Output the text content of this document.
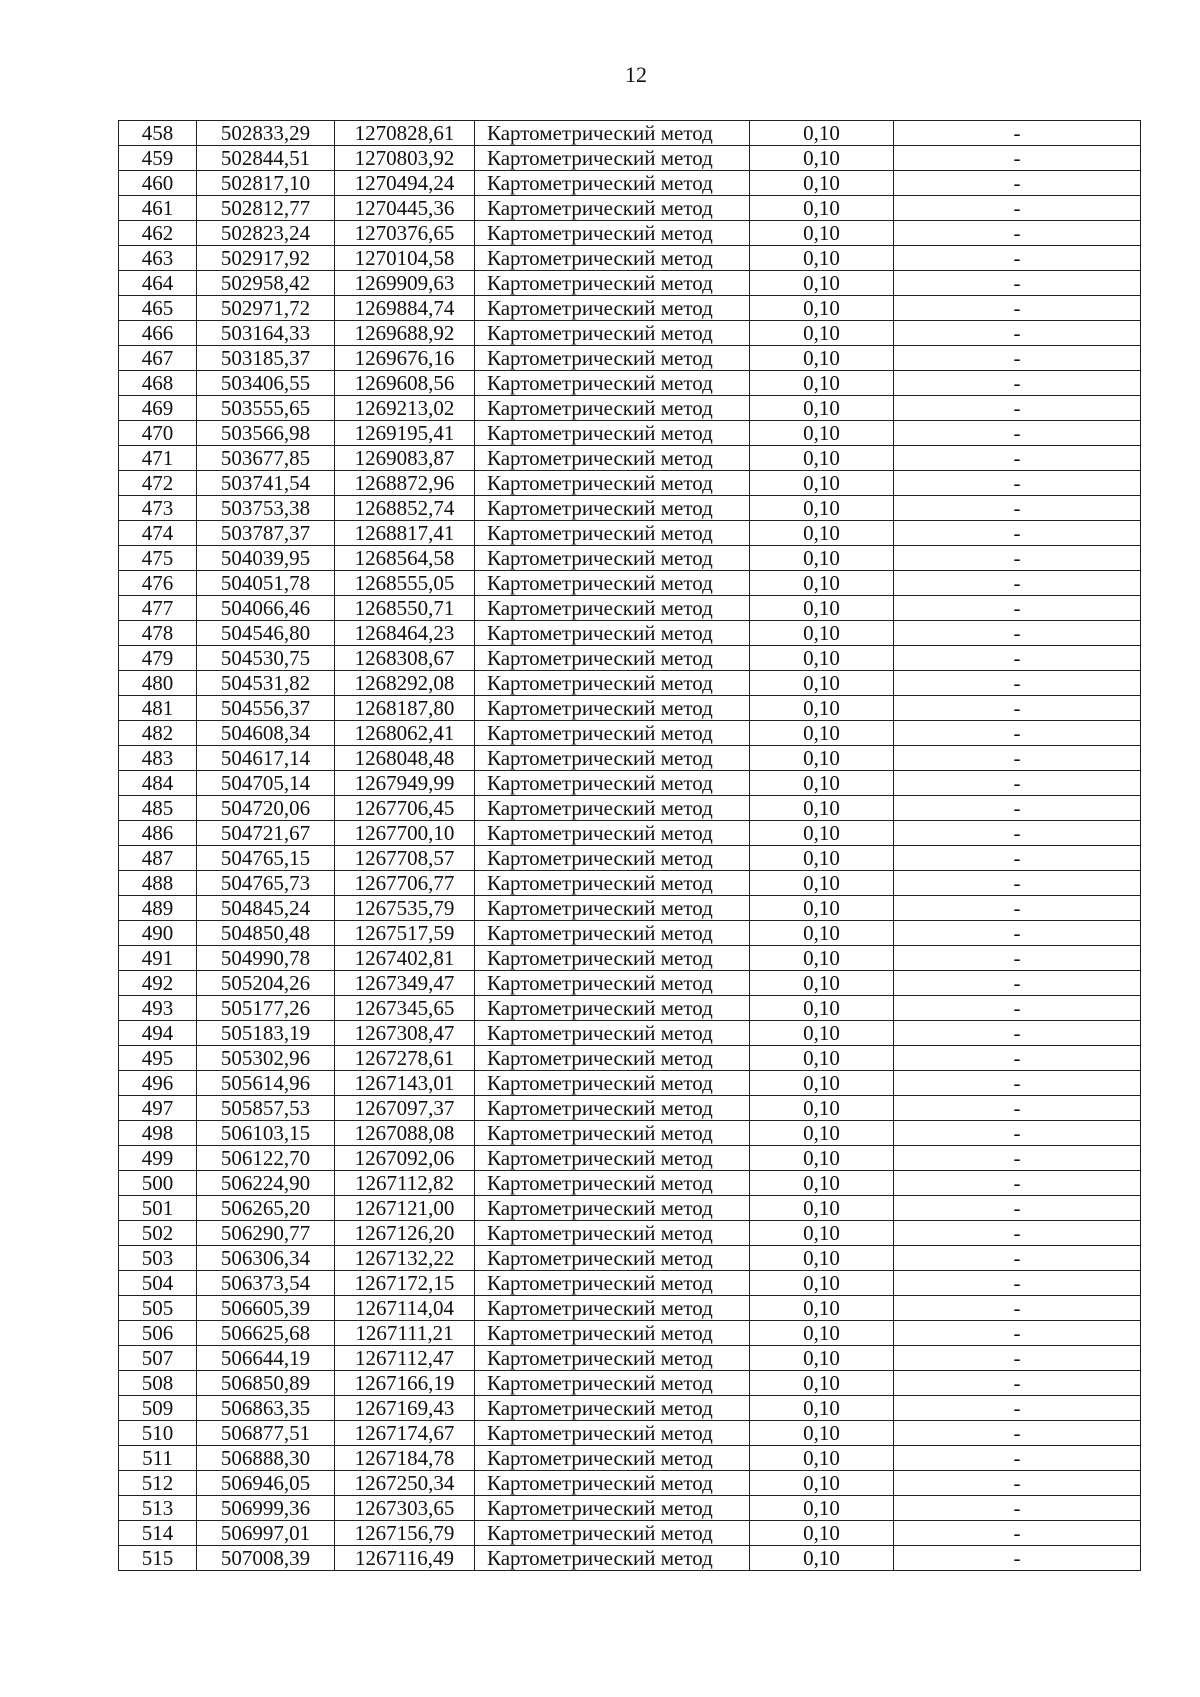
12
458	502833,29	1270828,61	Картометрический метод	0,10	-
459	502844,51	1270803,92	Картометрический метод	0,10	-
460	502817,10	1270494,24	Картометрический метод	0,10	-
461	502812,77	1270445,36	Картометрический метод	0,10	-
462	502823,24	1270376,65	Картометрический метод	0,10	-
463	502917,92	1270104,58	Картометрический метод	0,10	-
464	502958,42	1269909,63	Картометрический метод	0,10	-
465	502971,72	1269884,74	Картометрический метод	0,10	-
466	503164,33	1269688,92	Картометрический метод	0,10	-
467	503185,37	1269676,16	Картометрический метод	0,10	-
468	503406,55	1269608,56	Картометрический метод	0,10	-
469	503555,65	1269213,02	Картометрический метод	0,10	-
470	503566,98	1269195,41	Картометрический метод	0,10	-
471	503677,85	1269083,87	Картометрический метод	0,10	-
472	503741,54	1268872,96	Картометрический метод	0,10	-
473	503753,38	1268852,74	Картометрический метод	0,10	-
474	503787,37	1268817,41	Картометрический метод	0,10	-
475	504039,95	1268564,58	Картометрический метод	0,10	-
476	504051,78	1268555,05	Картометрический метод	0,10	-
477	504066,46	1268550,71	Картометрический метод	0,10	-
478	504546,80	1268464,23	Картометрический метод	0,10	-
479	504530,75	1268308,67	Картометрический метод	0,10	-
480	504531,82	1268292,08	Картометрический метод	0,10	-
481	504556,37	1268187,80	Картометрический метод	0,10	-
482	504608,34	1268062,41	Картометрический метод	0,10	-
483	504617,14	1268048,48	Картометрический метод	0,10	-
484	504705,14	1267949,99	Картометрический метод	0,10	-
485	504720,06	1267706,45	Картометрический метод	0,10	-
486	504721,67	1267700,10	Картометрический метод	0,10	-
487	504765,15	1267708,57	Картометрический метод	0,10	-
488	504765,73	1267706,77	Картометрический метод	0,10	-
489	504845,24	1267535,79	Картометрический метод	0,10	-
490	504850,48	1267517,59	Картометрический метод	0,10	-
491	504990,78	1267402,81	Картометрический метод	0,10	-
492	505204,26	1267349,47	Картометрический метод	0,10	-
493	505177,26	1267345,65	Картометрический метод	0,10	-
494	505183,19	1267308,47	Картометрический метод	0,10	-
495	505302,96	1267278,61	Картометрический метод	0,10	-
496	505614,96	1267143,01	Картометрический метод	0,10	-
497	505857,53	1267097,37	Картометрический метод	0,10	-
498	506103,15	1267088,08	Картометрический метод	0,10	-
499	506122,70	1267092,06	Картометрический метод	0,10	-
500	506224,90	1267112,82	Картометрический метод	0,10	-
501	506265,20	1267121,00	Картометрический метод	0,10	-
502	506290,77	1267126,20	Картометрический метод	0,10	-
503	506306,34	1267132,22	Картометрический метод	0,10	-
504	506373,54	1267172,15	Картометрический метод	0,10	-
505	506605,39	1267114,04	Картометрический метод	0,10	-
506	506625,68	1267111,21	Картометрический метод	0,10	-
507	506644,19	1267112,47	Картометрический метод	0,10	-
508	506850,89	1267166,19	Картометрический метод	0,10	-
509	506863,35	1267169,43	Картометрический метод	0,10	-
510	506877,51	1267174,67	Картометрический метод	0,10	-
511	506888,30	1267184,78	Картометрический метод	0,10	-
512	506946,05	1267250,34	Картометрический метод	0,10	-
513	506999,36	1267303,65	Картометрический метод	0,10	-
514	506997,01	1267156,79	Картометрический метод	0,10	-
515	507008,39	1267116,49	Картометрический метод	0,10	-
